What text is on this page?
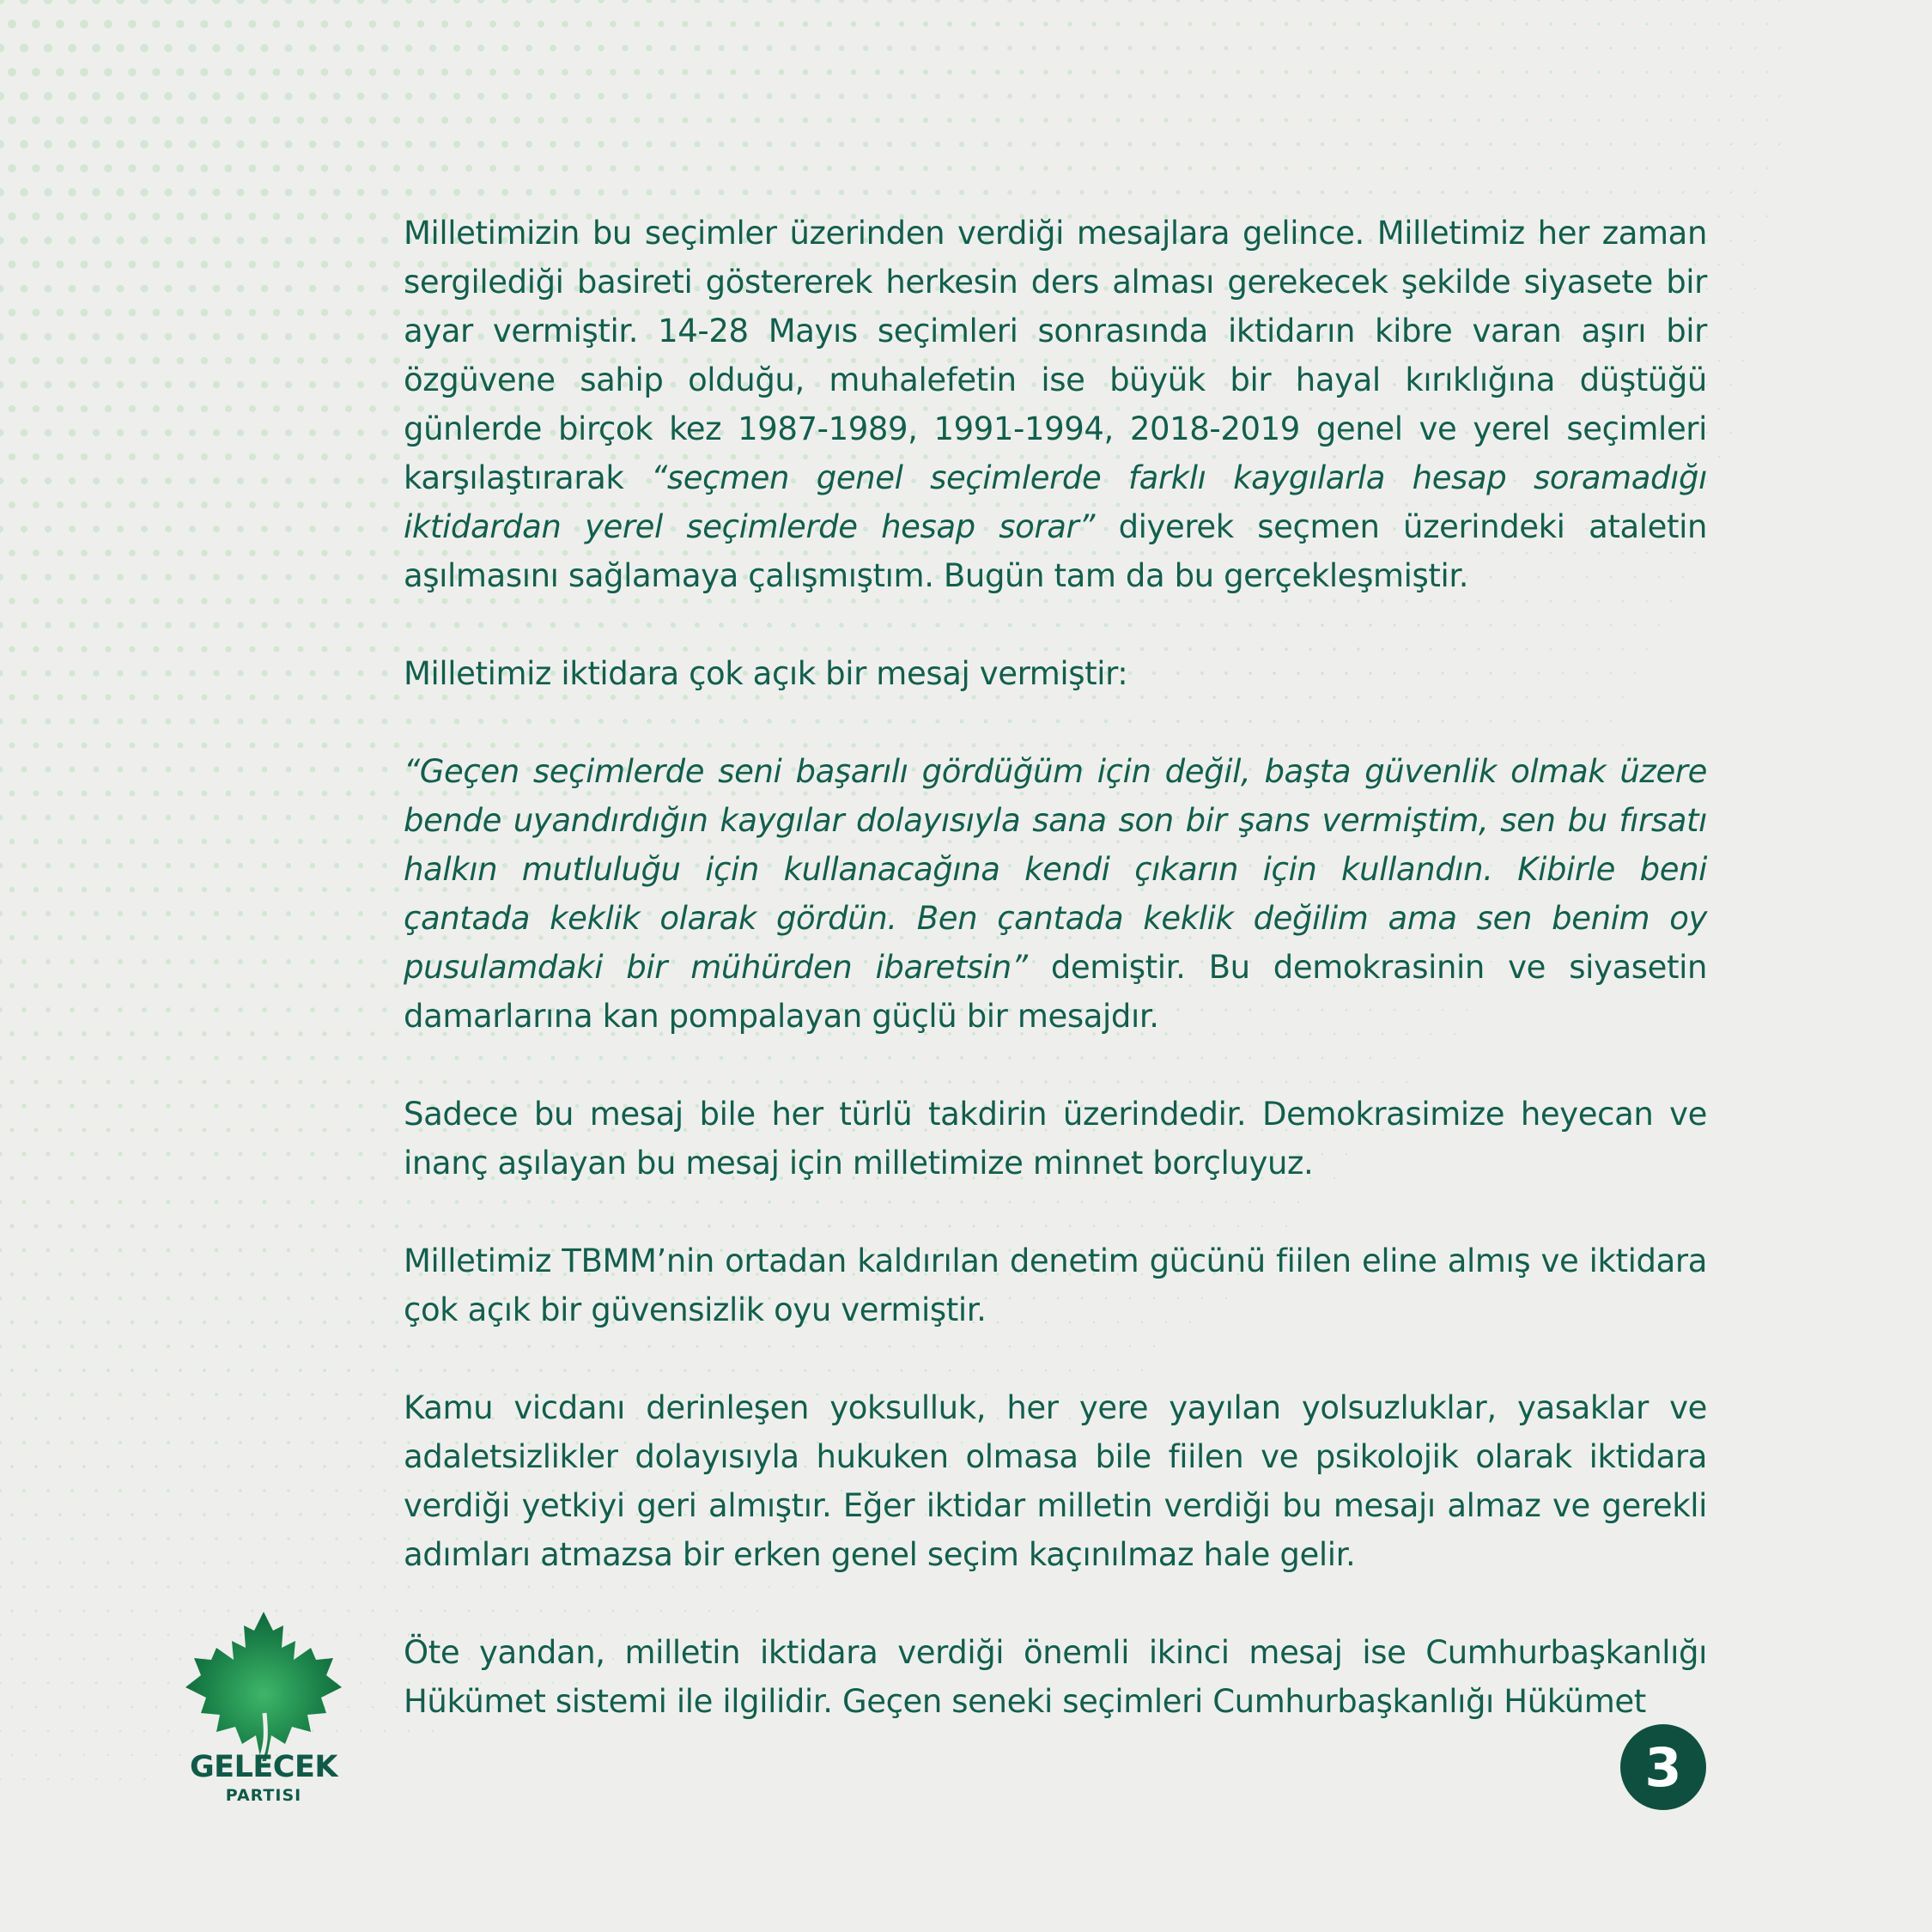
Milletimizin bu seçimler üzerinden verdiği mesajlara gelince. Milletimiz her zaman sergilediği basireti göstererek herkesin ders alması gerekecek şekilde siyasete bir ayar vermiştir. 14-28 Mayıs seçimleri sonrasında iktidarın kibre varan aşırı bir özgüvene sahip olduğu, muhalefetin ise büyük bir hayal kırıklığına düştüğü günlerde birçok kez 1987-1989, 1991-1994, 2018-2019 genel ve yerel seçimleri karşılaştırarak “seçmen genel seçimlerde farklı kaygılarla hesap soramadığı iktidardan yerel seçimlerde hesap sorar” diyerek seçmen üzerindeki ataletin aşılmasını sağlamaya çalışmıştım. Bugün tam da bu gerçekleşmiştir.

Milletimiz iktidara çok açık bir mesaj vermiştir:

“Geçen seçimlerde seni başarılı gördüğüm için değil, başta güvenlik olmak üzere bende uyandırdığın kaygılar dolayısıyla sana son bir şans vermiştim, sen bu fırsatı halkın mutluluğu için kullanacağına kendi çıkarın için kullandın. Kibirle beni çantada keklik olarak gördün. Ben çantada keklik değilim ama sen benim oy pusulamdaki bir mühürden ibaretsin” demiştir. Bu demokrasinin ve siyasetin damarlarına kan pompalayan güçlü bir mesajdır.

Sadece bu mesaj bile her türlü takdirin üzerindedir. Demokrasimize heyecan ve inanç aşılayan bu mesaj için milletimize minnet borçluyuz.

Milletimiz TBMM’nin ortadan kaldırılan denetim gücünü fiilen eline almış ve iktidara çok açık bir güvensizlik oyu vermiştir.

Kamu vicdanı derinleşen yoksulluk, her yere yayılan yolsuzluklar, yasaklar ve adaletsizlikler dolayısıyla hukuken olmasa bile fiilen ve psikolojik olarak iktidara verdiği yetkiyi geri almıştır. Eğer iktidar milletin verdiği bu mesajı almaz ve gerekli adımları atmazsa bir erken genel seçim kaçınılmaz hale gelir.

Öte yandan, milletin iktidara verdiği önemli ikinci mesaj ise Cumhurbaşkanlığı Hükümet sistemi ile ilgilidir. Geçen seneki seçimleri Cumhurbaşkanlığı Hükümet

GELECEK
PARTISI	3
